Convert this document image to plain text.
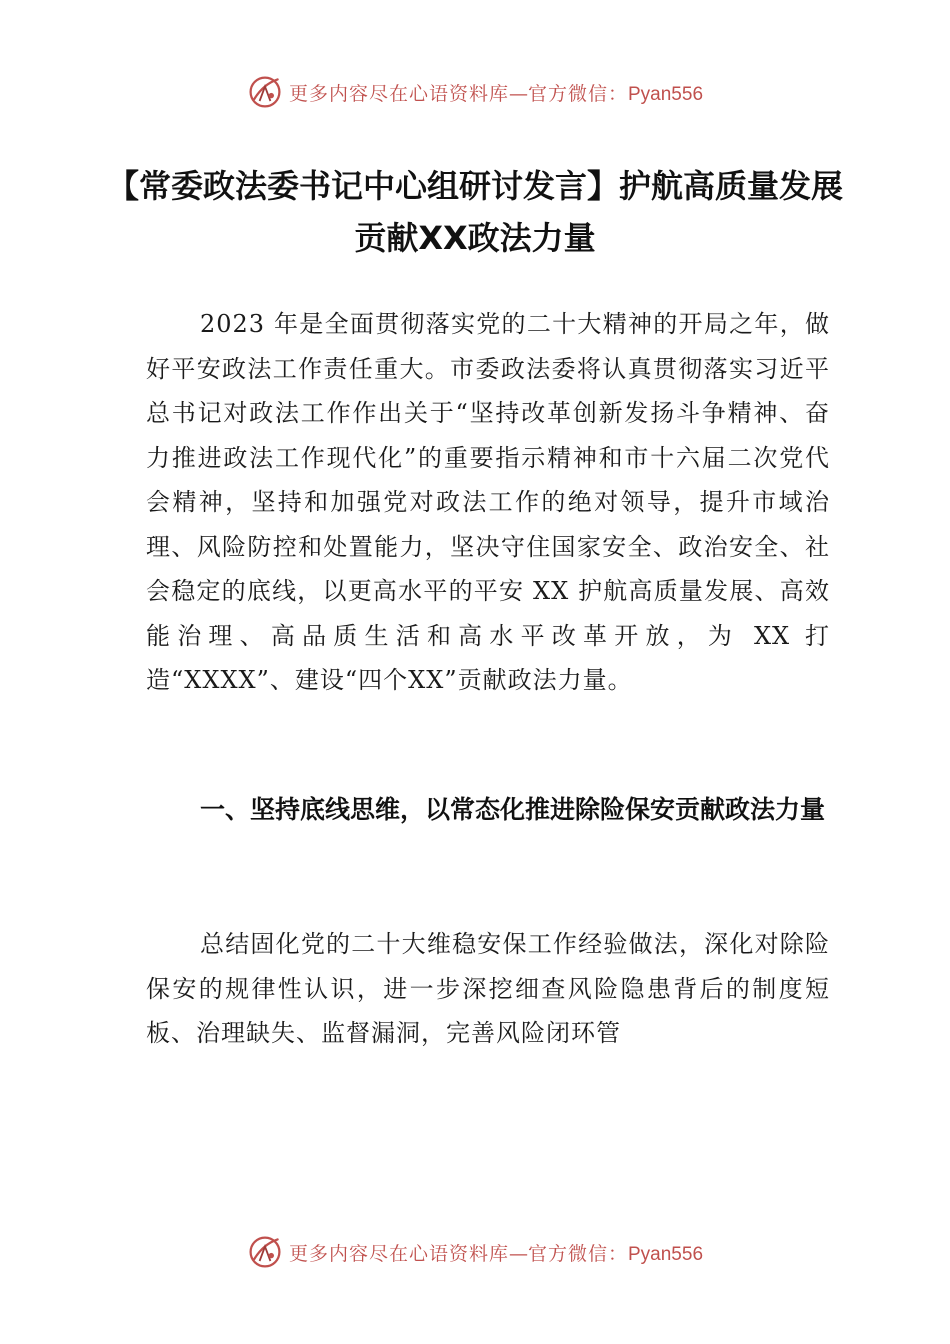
更多内容尽在心语资料库—官方微信：Pyan556
【常委政法委书记中心组研讨发言】护航高质量发展 贡献XX政法力量

2023 年是全面贯彻落实党的二十大精神的开局之年，做好平安政法工作责任重大。市委政法委将认真贯彻落实习近平总书记对政法工作作出关于“坚持改革创新发扬斗争精神、奋力推进政法工作现代化”的重要指示精神和市十六届二次党代会精神，坚持和加强党对政法工作的绝对领导，提升市域治理、风险防控和处置能力，坚决守住国家安全、政治安全、社会稳定的底线，以更高水平的平安 XX 护航高质量发展、高效能治理、高品质生活和高水平改革开放，为 XX 打造“XXXX”、建设“四个XX”贡献政法力量。

一、坚持底线思维，以常态化推进除险保安贡献政法力量

总结固化党的二十大维稳安保工作经验做法，深化对除险保安的规律性认识，进一步深挖细查风险隐患背后的制度短板、治理缺失、监督漏洞，完善风险闭环管

更多内容尽在心语资料库—官方微信：Pyan556
